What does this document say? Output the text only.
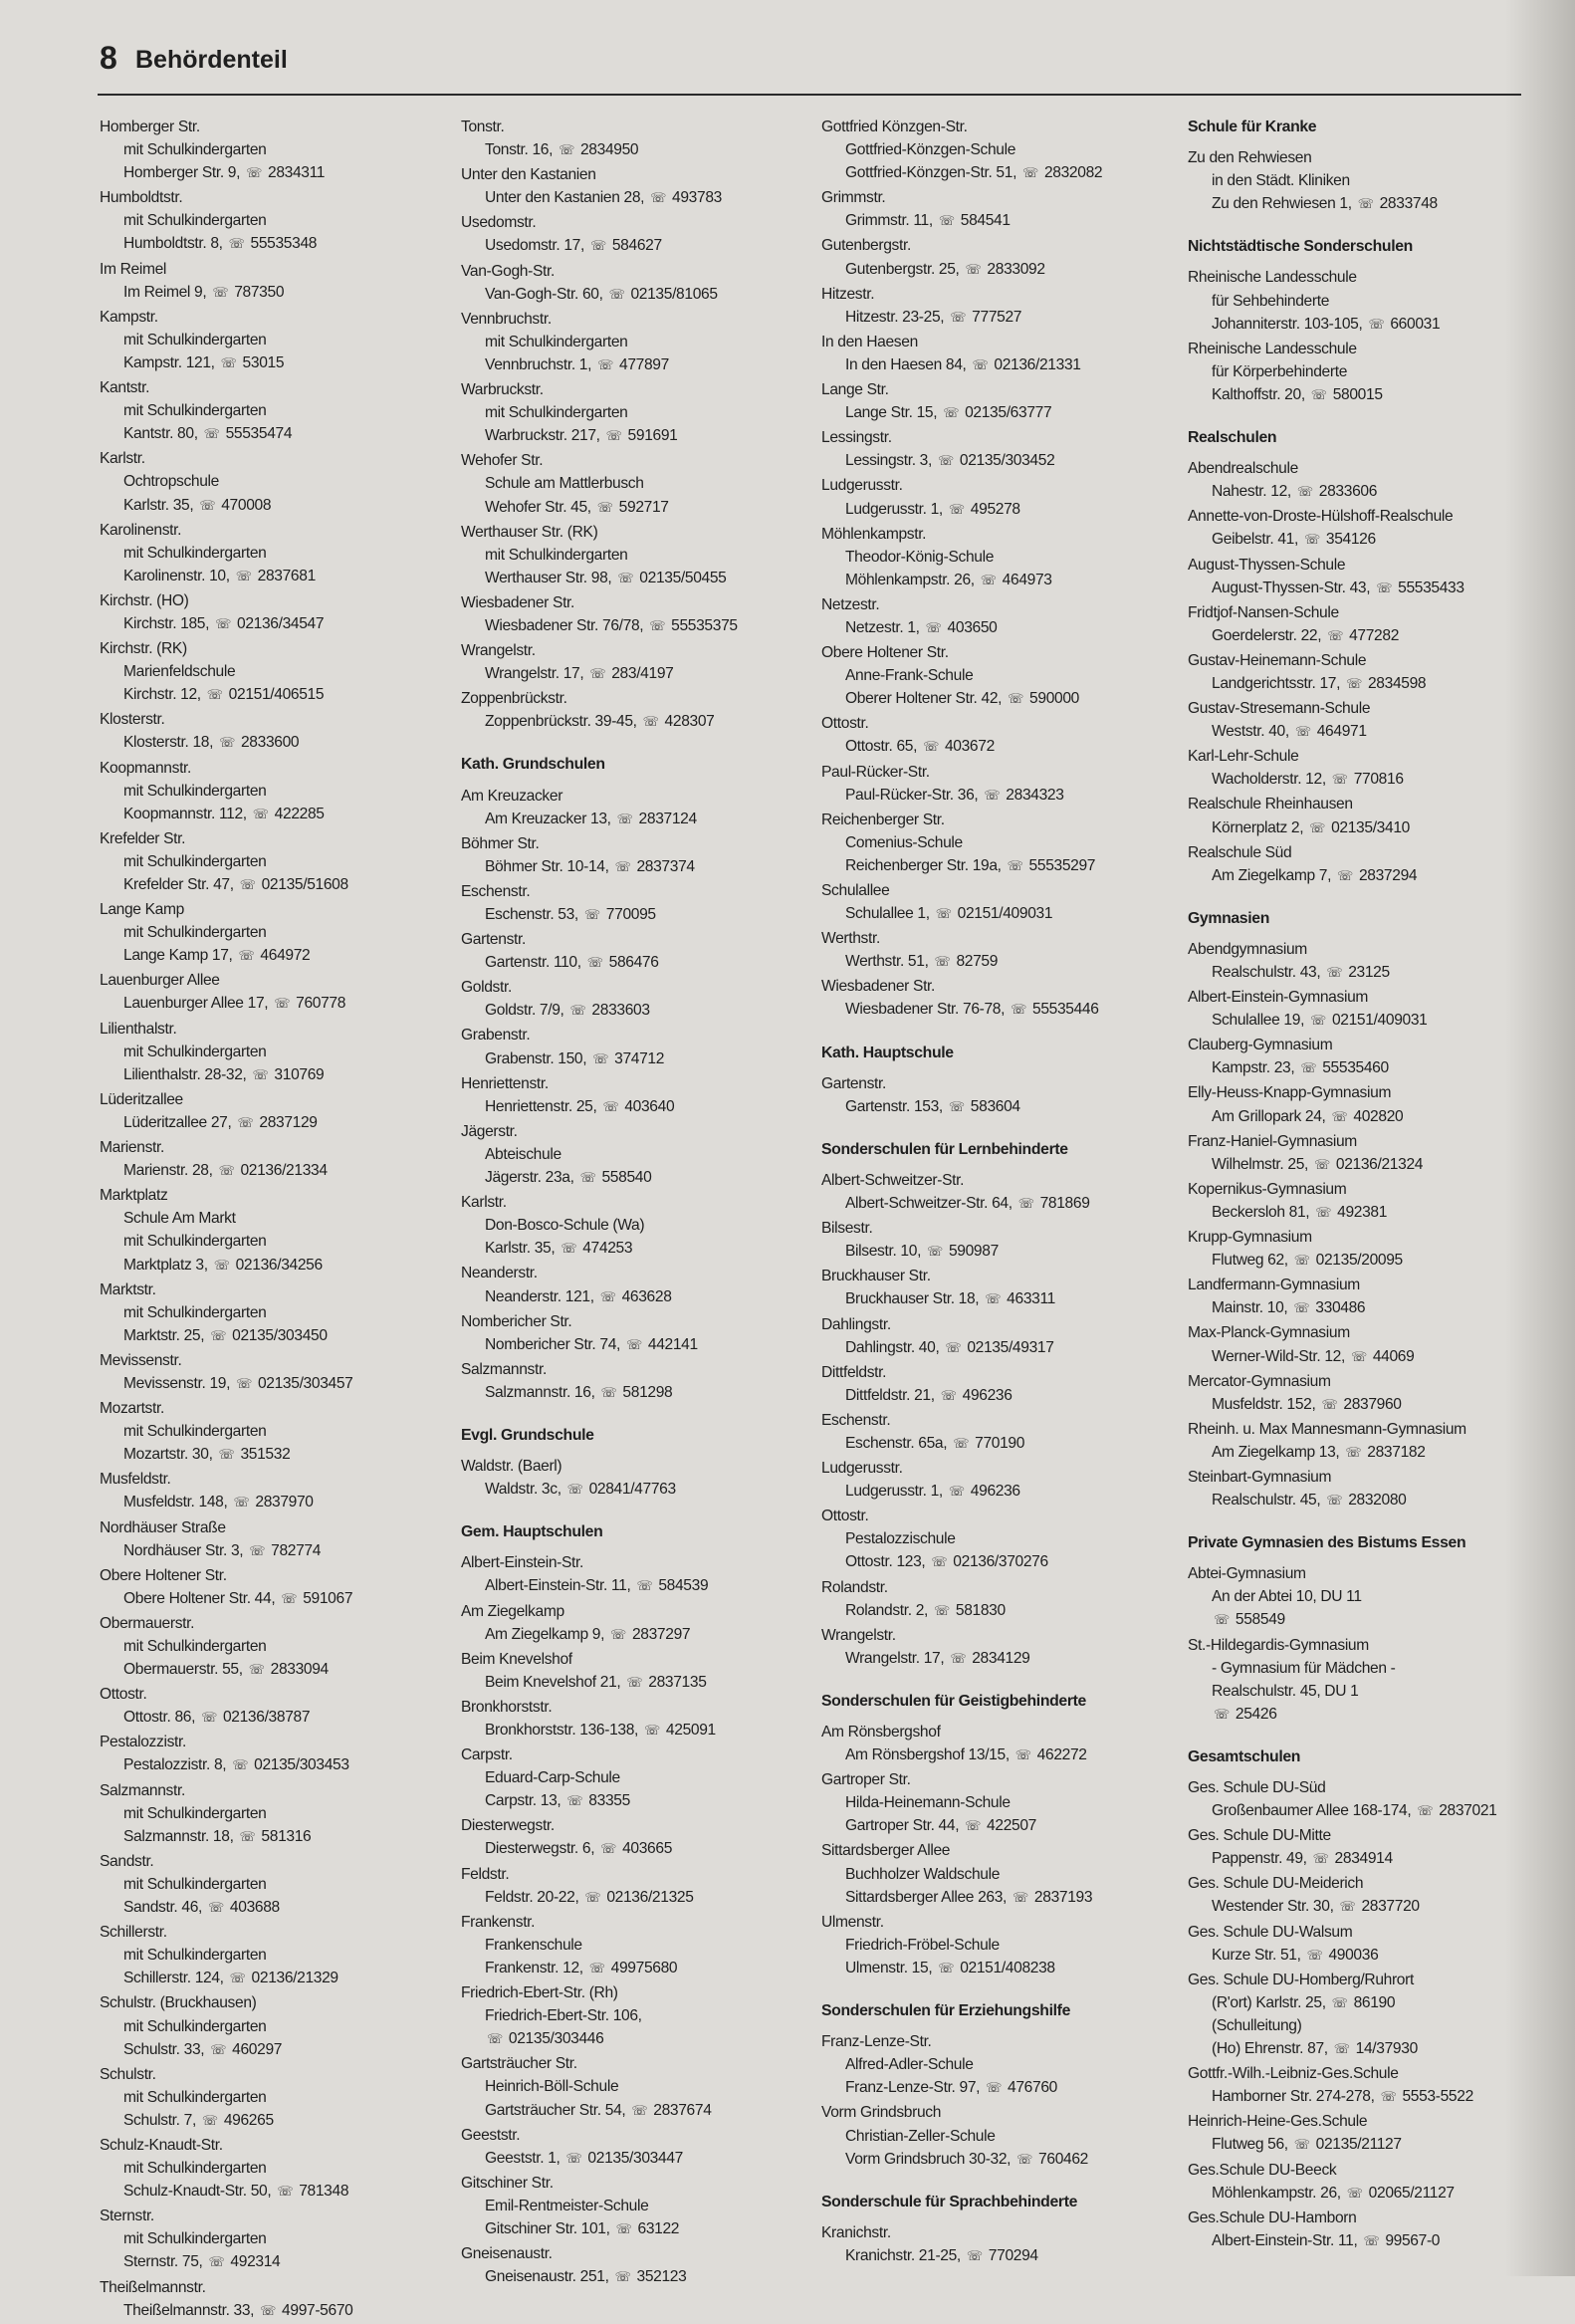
8 Behördenteil
Homberger Str.
mit Schulkindergarten
Homberger Str. 9, ☏ 2834311
Humboldtstr.
mit Schulkindergarten
Humboldtstr. 8, ☏ 55535348
Im Reimel
Im Reimel 9, ☏ 787350
Kampstr.
mit Schulkindergarten
Kampstr. 121, ☏ 53015
Kantstr.
mit Schulkindergarten
Kantstr. 80, ☏ 55535474
Karlstr.
Ochtropschule
Karlstr. 35, ☏ 470008
Karolinenstr.
mit Schulkindergarten
Karolinenstr. 10, ☏ 2837681
Kirchstr. (HO)
Kirchstr. 185, ☏ 02136/34547
Kirchstr. (RK)
Marienfeldschule
Kirchstr. 12, ☏ 02151/406515
Klosterstr.
Klosterstr. 18, ☏ 2833600
Koopmannstr.
mit Schulkindergarten
Koopmannstr. 112, ☏ 422285
Krefelder Str.
mit Schulkindergarten
Krefelder Str. 47, ☏ 02135/51608
Lange Kamp
mit Schulkindergarten
Lange Kamp 17, ☏ 464972
Lauenburger Allee
Lauenburger Allee 17, ☏ 760778
Lilienthalstr.
mit Schulkindergarten
Lilienthalstr. 28-32, ☏ 310769
Lüderitzallee
Lüderitzallee 27, ☏ 2837129
Marienstr.
Marienstr. 28, ☏ 02136/21334
Marktplatz
Schule Am Markt
mit Schulkindergarten
Marktplatz 3, ☏ 02136/34256
Marktstr.
mit Schulkindergarten
Marktstr. 25, ☏ 02135/303450
Mevissenstr.
Mevissenstr. 19, ☏ 02135/303457
Mozartstr.
mit Schulkindergarten
Mozartstr. 30, ☏ 351532
Musfeldstr.
Musfeldstr. 148, ☏ 2837970
Nordhäuser Straße
Nordhäuser Str. 3, ☏ 782774
Obere Holtener Str.
Obere Holtener Str. 44, ☏ 591067
Obermauerstr.
mit Schulkindergarten
Obermauerstr. 55, ☏ 2833094
Ottostr.
Ottostr. 86, ☏ 02136/38787
Pestalozzistr.
Pestalozzistr. 8, ☏ 02135/303453
Salzmannstr.
mit Schulkindergarten
Salzmannstr. 18, ☏ 581316
Sandstr.
mit Schulkindergarten
Sandstr. 46, ☏ 403688
Schillerstr.
mit Schulkindergarten
Schillerstr. 124, ☏ 02136/21329
Schulstr. (Bruckhausen)
mit Schulkindergarten
Schulstr. 33, ☏ 460297
Schulstr.
mit Schulkindergarten
Schulstr. 7, ☏ 496265
Schulz-Knaudt-Str.
mit Schulkindergarten
Schulz-Knaudt-Str. 50, ☏ 781348
Sternstr.
mit Schulkindergarten
Sternstr. 75, ☏ 492314
Theißelmannstr.
Theißelmannstr. 33, ☏ 4997-5670
Tonstr.
Tonstr. 16, ☏ 2834950
Unter den Kastanien
Unter den Kastanien 28, ☏ 493783
Usedomstr.
Usedomstr. 17, ☏ 584627
Van-Gogh-Str.
Van-Gogh-Str. 60, ☏ 02135/81065
Vennbruchstr.
mit Schulkindergarten
Vennbruchstr. 1, ☏ 477897
Warbruckstr.
mit Schulkindergarten
Warbruckstr. 217, ☏ 591691
Wehofer Str.
Schule am Mattlerbusch
Wehofer Str. 45, ☏ 592717
Werthauser Str. (RK)
mit Schulkindergarten
Werthauser Str. 98, ☏ 02135/50455
Wiesbadener Str.
Wiesbadener Str. 76/78, ☏ 55535375
Wrangelstr.
Wrangelstr. 17, ☏ 283/4197
Zoppenbrückstr.
Zoppenbrückstr. 39-45, ☏ 428307
Kath. Grundschulen
Am Kreuzacker
Am Kreuzacker 13, ☏ 2837124
Böhmer Str.
Böhmer Str. 10-14, ☏ 2837374
Eschenstr.
Eschenstr. 53, ☏ 770095
Gartenstr.
Gartenstr. 110, ☏ 586476
Goldstr.
Goldstr. 7/9, ☏ 2833603
Grabenstr.
Grabenstr. 150, ☏ 374712
Henriettenstr.
Henriettenstr. 25, ☏ 403640
Jägerstr.
Abteischule
Jägerstr. 23a, ☏ 558540
Karlstr.
Don-Bosco-Schule (Wa)
Karlstr. 35, ☏ 474253
Neanderstr.
Neanderstr. 121, ☏ 463628
Nombericher Str.
Nombericher Str. 74, ☏ 442141
Salzmannstr.
Salzmannstr. 16, ☏ 581298
Evgl. Grundschule
Waldstr. (Baerl)
Waldstr. 3c, ☏ 02841/47763
Gem. Hauptschulen
Albert-Einstein-Str.
Albert-Einstein-Str. 11, ☏ 584539
Am Ziegelkamp
Am Ziegelkamp 9, ☏ 2837297
Beim Knevelshof
Beim Knevelshof 21, ☏ 2837135
Bronkhorststr.
Bronkhorststr. 136-138, ☏ 425091
Carpstr.
Eduard-Carp-Schule
Carpstr. 13, ☏ 83355
Diesterwegstr.
Diesterwegstr. 6, ☏ 403665
Feldstr.
Feldstr. 20-22, ☏ 02136/21325
Frankenstr.
Frankenschule
Frankenstr. 12, ☏ 49975680
Friedrich-Ebert-Str. (Rh)
Friedrich-Ebert-Str. 106,
☏ 02135/303446
Gartsträucher Str.
Heinrich-Böll-Schule
Gartsträucher Str. 54, ☏ 2837674
Geeststr.
Geeststr. 1, ☏ 02135/303447
Gitschiner Str.
Emil-Rentmeister-Schule
Gitschiner Str. 101, ☏ 63122
Gneisenaustr.
Gneisenaustr. 251, ☏ 352123
Gottfried Könzgen-Str.
Gottfried-Könzgen-Schule
Gottfried-Könzgen-Str. 51, ☏ 2832082
Grimmstr.
Grimmstr. 11, ☏ 584541
Gutenbergstr.
Gutenbergstr. 25, ☏ 2833092
Hitzestr.
Hitzestr. 23-25, ☏ 777527
In den Haesen
In den Haesen 84, ☏ 02136/21331
Lange Str.
Lange Str. 15, ☏ 02135/63777
Lessingstr.
Lessingstr. 3, ☏ 02135/303452
Ludgerusstr.
Ludgerusstr. 1, ☏ 495278
Möhlenkampstr.
Theodor-König-Schule
Möhlenkampstr. 26, ☏ 464973
Netzestr.
Netzestr. 1, ☏ 403650
Obere Holtener Str.
Anne-Frank-Schule
Oberer Holtener Str. 42, ☏ 590000
Ottostr.
Ottostr. 65, ☏ 403672
Paul-Rücker-Str.
Paul-Rücker-Str. 36, ☏ 2834323
Reichenberger Str.
Comenius-Schule
Reichenberger Str. 19a, ☏ 55535297
Schulallee
Schulallee 1, ☏ 02151/409031
Werthstr.
Werthstr. 51, ☏ 82759
Wiesbadener Str.
Wiesbadener Str. 76-78, ☏ 55535446
Kath. Hauptschule
Gartenstr.
Gartenstr. 153, ☏ 583604
Sonderschulen für Lernbehinderte
Albert-Schweitzer-Str.
Albert-Schweitzer-Str. 64, ☏ 781869
Bilsestr.
Bilsestr. 10, ☏ 590987
Bruckhauser Str.
Bruckhauser Str. 18, ☏ 463311
Dahlingstr.
Dahlingstr. 40, ☏ 02135/49317
Dittfeldstr.
Dittfeldstr. 21, ☏ 496236
Eschenstr.
Eschenstr. 65a, ☏ 770190
Ludgerusstr.
Ludgerusstr. 1, ☏ 496236
Ottostr.
Pestalozzischule
Ottostr. 123, ☏ 02136/370276
Rolandstr.
Rolandstr. 2, ☏ 581830
Wrangelstr.
Wrangelstr. 17, ☏ 2834129
Sonderschulen für Geistigbehinderte
Am Rönsbergshof
Am Rönsbergshof 13/15, ☏ 462272
Gartroper Str.
Hilda-Heinemann-Schule
Gartroper Str. 44, ☏ 422507
Sittardsberger Allee
Buchholzer Waldschule
Sittardsberger Allee 263, ☏ 2837193
Ulmenstr.
Friedrich-Fröbel-Schule
Ulmenstr. 15, ☏ 02151/408238
Sonderschulen für Erziehungshilfe
Franz-Lenze-Str.
Alfred-Adler-Schule
Franz-Lenze-Str. 97, ☏ 476760
Vorm Grindsbruch
Christian-Zeller-Schule
Vorm Grindsbruch 30-32, ☏ 760462
Sonderschule für Sprachbehinderte
Kranichstr.
Kranichstr. 21-25, ☏ 770294
Schule für Kranke
Zu den Rehwiesen
in den Städt. Kliniken
Zu den Rehwiesen 1, ☏ 2833748
Nichtstädtische Sonderschulen
Rheinische Landesschule
für Sehbehinderte
Johanniterstr. 103-105, ☏ 660031
Rheinische Landesschule
für Körperbehinderte
Kalthoffstr. 20, ☏ 580015
Realschulen
Abendrealschule
Nahestr. 12, ☏ 2833606
Annette-von-Droste-Hülshoff-Realschule
Geibelstr. 41, ☏ 354126
August-Thyssen-Schule
August-Thyssen-Str. 43, ☏ 55535433
Fridtjof-Nansen-Schule
Goerdelerstr. 22, ☏ 477282
Gustav-Heinemann-Schule
Landgerichtsstr. 17, ☏ 2834598
Gustav-Stresemann-Schule
Weststr. 40, ☏ 464971
Karl-Lehr-Schule
Wacholderstr. 12, ☏ 770816
Realschule Rheinhausen
Körnerplatz 2, ☏ 02135/3410
Realschule Süd
Am Ziegelkamp 7, ☏ 2837294
Gymnasien
Abendgymnasium
Realschulstr. 43, ☏ 23125
Albert-Einstein-Gymnasium
Schulallee 19, ☏ 02151/409031
Clauberg-Gymnasium
Kampstr. 23, ☏ 55535460
Elly-Heuss-Knapp-Gymnasium
Am Grillopark 24, ☏ 402820
Franz-Haniel-Gymnasium
Wilhelmstr. 25, ☏ 02136/21324
Kopernikus-Gymnasium
Beckersloh 81, ☏ 492381
Krupp-Gymnasium
Flutweg 62, ☏ 02135/20095
Landfermann-Gymnasium
Mainstr. 10, ☏ 330486
Max-Planck-Gymnasium
Werner-Wild-Str. 12, ☏ 44069
Mercator-Gymnasium
Musfeldstr. 152, ☏ 2837960
Rheinh. u. Max Mannesmann-Gymnasium
Am Ziegelkamp 13, ☏ 2837182
Steinbart-Gymnasium
Realschulstr. 45, ☏ 2832080
Private Gymnasien des Bistums Essen
Abtei-Gymnasium
An der Abtei 10, DU 11
☏ 558549
St.-Hildegardis-Gymnasium
- Gymnasium für Mädchen -
Realschulstr. 45, DU 1
☏ 25426
Gesamtschulen
Ges. Schule DU-Süd
Großenbaumer Allee 168-174, ☏ 2837021
Ges. Schule DU-Mitte
Pappenstr. 49, ☏ 2834914
Ges. Schule DU-Meiderich
Westender Str. 30, ☏ 2837720
Ges. Schule DU-Walsum
Kurze Str. 51, ☏ 490036
Ges. Schule DU-Homberg/Ruhrort
(R'ort) Karlstr. 25, ☏ 86190
(Schulleitung)
(Ho) Ehrenstr. 87, ☏ 14/37930
Gottfr.-Wilh.-Leibniz-Ges.Schule
Hamborner Str. 274-278, ☏ 5553-5522
Heinrich-Heine-Ges.Schule
Flutweg 56, ☏ 02135/21127
Ges.Schule DU-Beeck
Möhlenkampstr. 26, ☏ 02065/21127
Ges.Schule DU-Hamborn
Albert-Einstein-Str. 11, ☏ 99567-0
